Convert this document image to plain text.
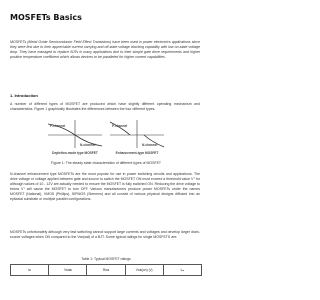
MOSFETs Basics

MOSFETs (Metal Oxide Semiconductor Field Effect Transistors) have been used in power electronics applications since they were first due to their appreciable current carrying and off-state voltage blocking capability with low on-state voltage drop. They have managed to replace BJTs in many applications due to their simple gate drive requirements and higher positive temperature coefficient which allows devices to be paralleled for higher current capabilities.

1. Introduction

A number of different types of MOSFET are produced which have slightly different operating mechanism and characteristics. Figure 1 graphically illustrates the differences between the four different types.

P-channel
N-channel
P-channel
N-channel
Depletion-mode type MOSFET	Enhancement-type MOSFET

Figure 1: The steady state characteristics of different types of MOSFET

N-channel enhancement type MOSFETs are the most popular for use in power switching circuits and applications. The drive voltage or voltage applied between gate and source to switch the MOSFET ON must exceed a threshold value Vᵀ for although values of 10 - 12V are actually needed to ensure the MOSFET is fully switched ON. Reducing the drive voltage to below Vᵀ will cause the MOSFET to turn OFF. Various manufacturers produce power MOSFETs under the names MOSFET (National), VMOS (Phillips), SIPMOS (Siemens) and all consist of various physical designs diffused into an epitaxial substrate or multiple parallel configurations.

MOSFETs unfortunately although very fast switching cannot support large currents and voltages and develop larger drain-source voltages when ON compared to the Vᴄᴇ(sat) of a BJT. Some typical ratings for single MOSFETS are:

Table 1: Typical MOSFET ratings

Iᴅ	Vᴅꜱꜱ	Rᴅꜱ	Vᴅꜱ(on) (ᴠ)	tₒₙ
